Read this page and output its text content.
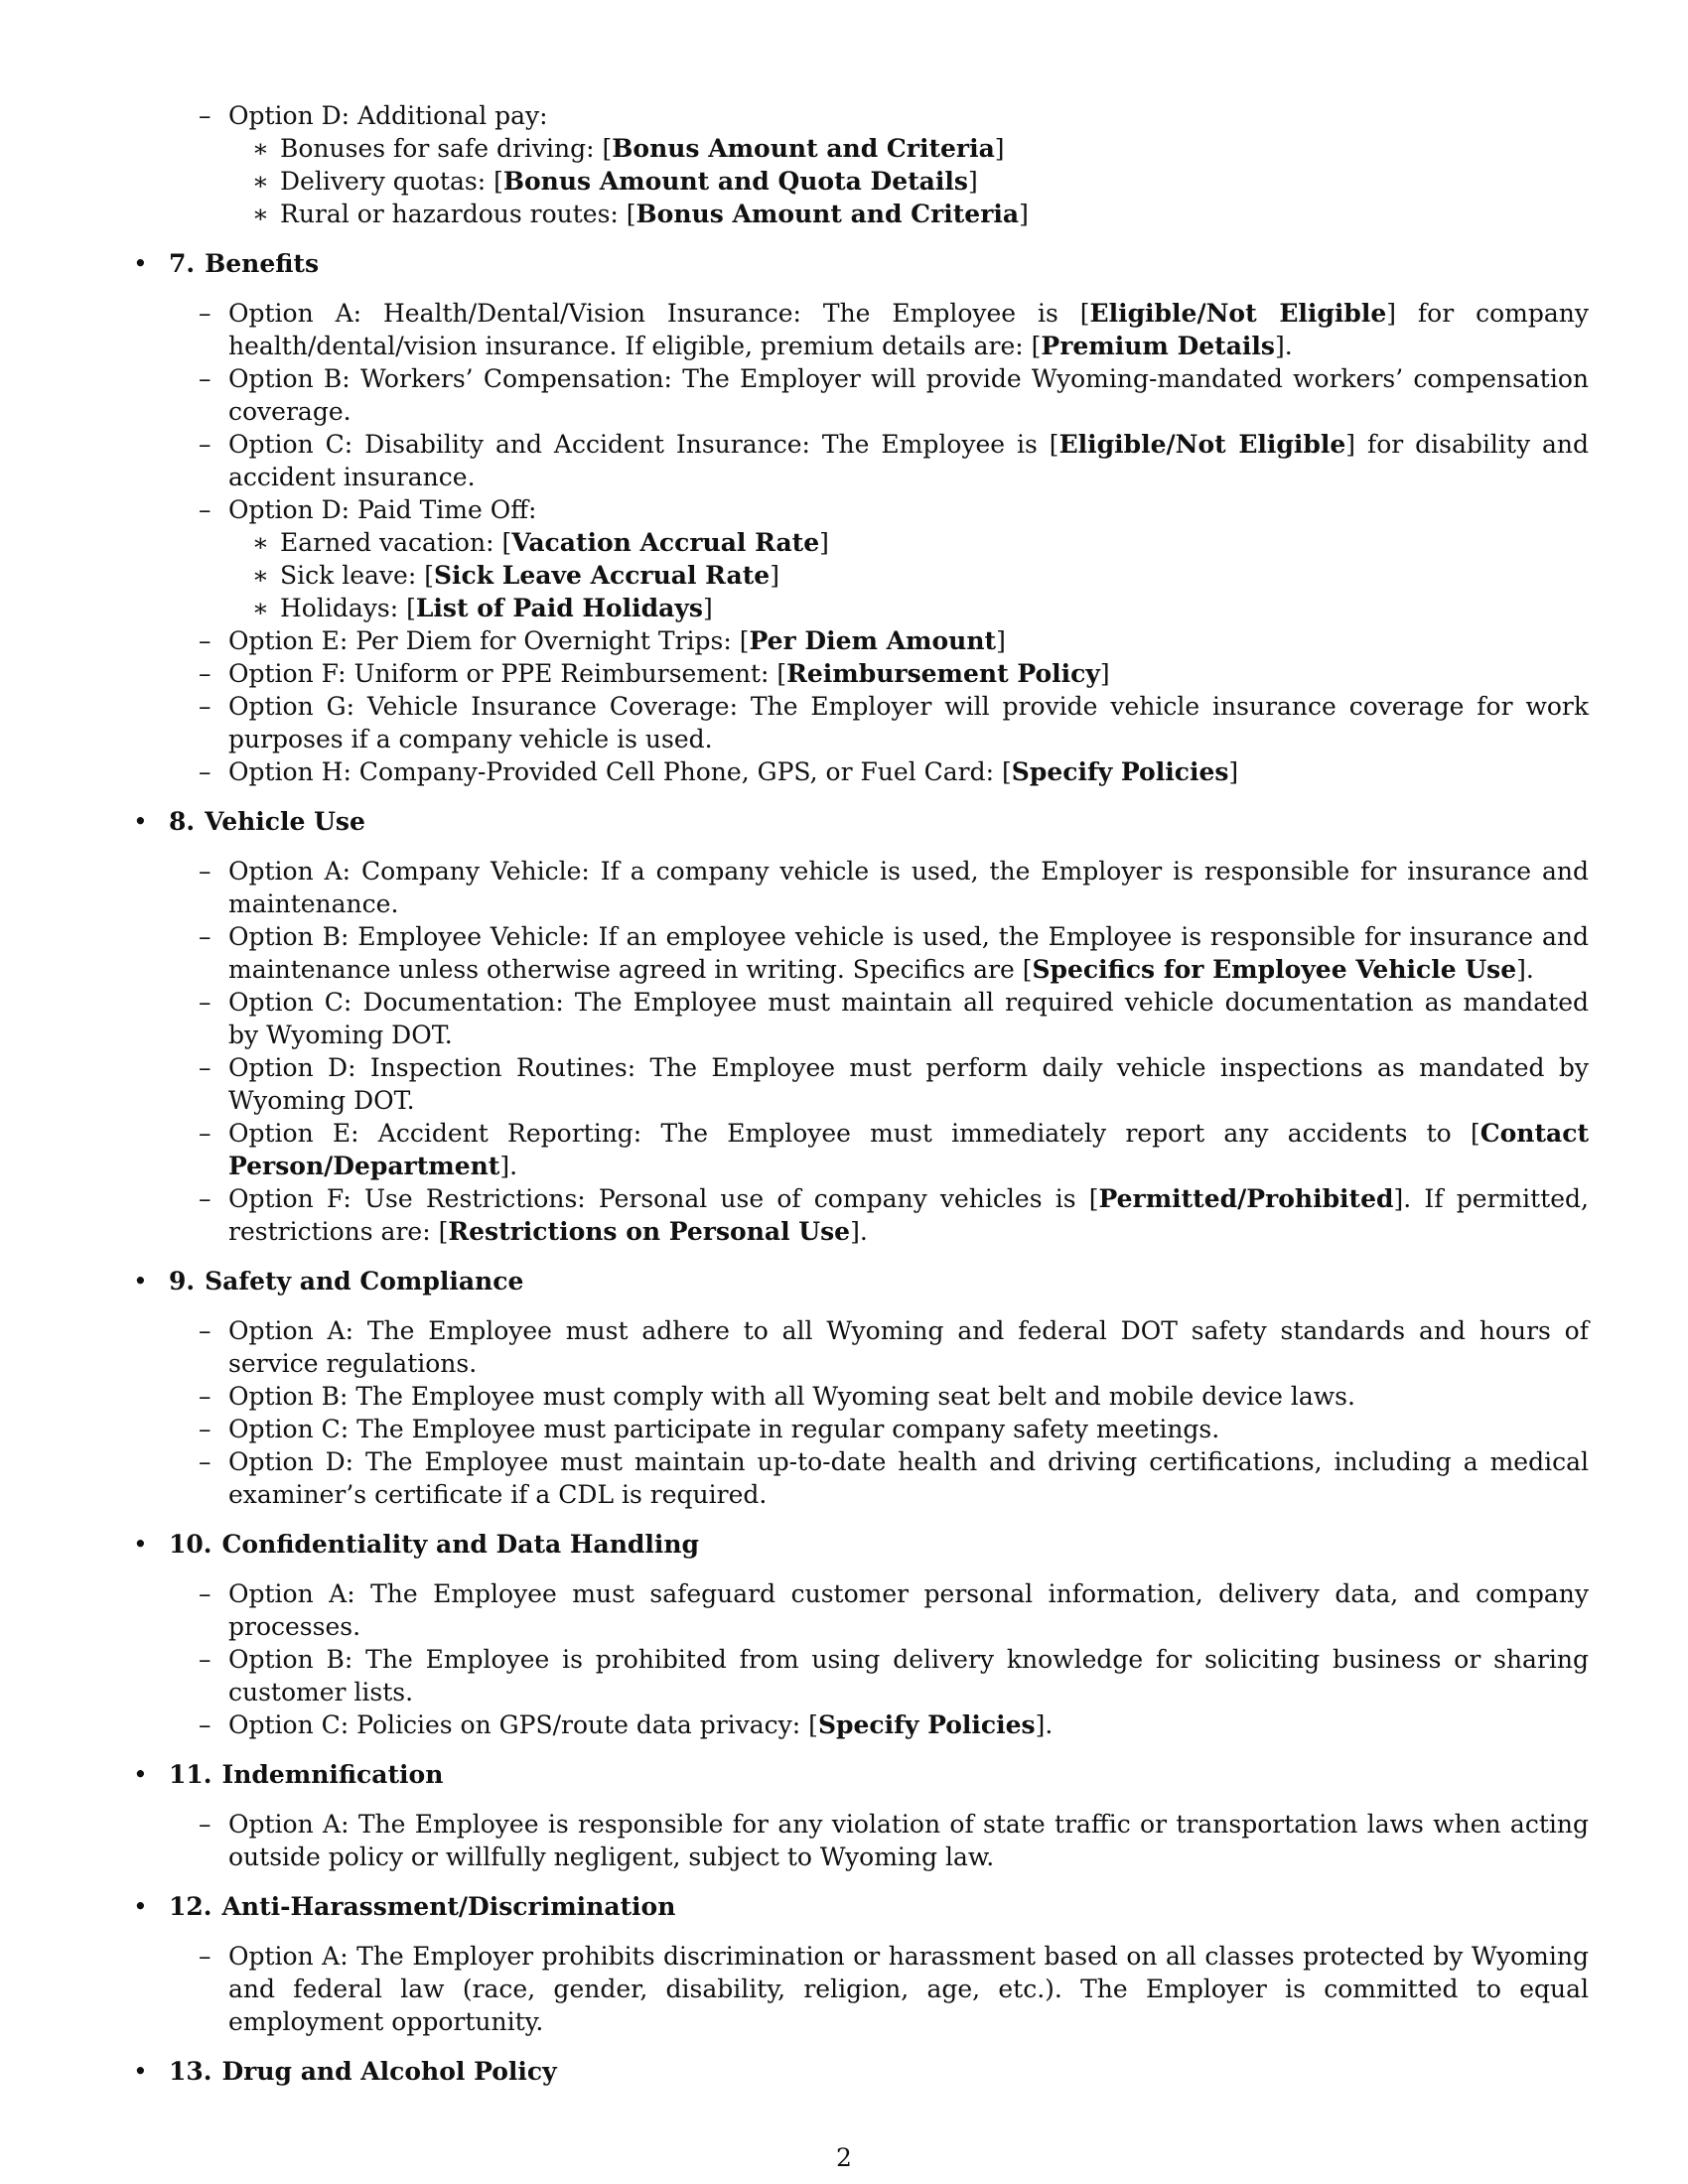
– Option D: Additional pay:
∗ Bonuses for safe driving: [Bonus Amount and Criteria]
∗ Delivery quotas: [Bonus Amount and Quota Details]
∗ Rural or hazardous routes: [Bonus Amount and Criteria]
• 7. Benefits
– Option A: Health/Dental/Vision Insurance: The Employee is [Eligible/Not Eligible] for company health/dental/vision insurance. If eligible, premium details are: [Premium Details].
– Option B: Workers’ Compensation: The Employer will provide Wyoming-mandated workers’ compensation coverage.
– Option C: Disability and Accident Insurance: The Employee is [Eligible/Not Eligible] for disability and accident insurance.
– Option D: Paid Time Off:
∗ Earned vacation: [Vacation Accrual Rate]
∗ Sick leave: [Sick Leave Accrual Rate]
∗ Holidays: [List of Paid Holidays]
– Option E: Per Diem for Overnight Trips: [Per Diem Amount]
– Option F: Uniform or PPE Reimbursement: [Reimbursement Policy]
– Option G: Vehicle Insurance Coverage: The Employer will provide vehicle insurance coverage for work purposes if a company vehicle is used.
– Option H: Company-Provided Cell Phone, GPS, or Fuel Card: [Specify Policies]
• 8. Vehicle Use
– Option A: Company Vehicle: If a company vehicle is used, the Employer is responsible for insurance and maintenance.
– Option B: Employee Vehicle: If an employee vehicle is used, the Employee is responsible for insurance and maintenance unless otherwise agreed in writing. Specifics are [Specifics for Employee Vehicle Use].
– Option C: Documentation: The Employee must maintain all required vehicle documentation as mandated by Wyoming DOT.
– Option D: Inspection Routines: The Employee must perform daily vehicle inspections as mandated by Wyoming DOT.
– Option E: Accident Reporting: The Employee must immediately report any accidents to [Contact Person/Department].
– Option F: Use Restrictions: Personal use of company vehicles is [Permitted/Prohibited]. If permitted, restrictions are: [Restrictions on Personal Use].
• 9. Safety and Compliance
– Option A: The Employee must adhere to all Wyoming and federal DOT safety standards and hours of service regulations.
– Option B: The Employee must comply with all Wyoming seat belt and mobile device laws.
– Option C: The Employee must participate in regular company safety meetings.
– Option D: The Employee must maintain up-to-date health and driving certifications, including a medical examiner’s certificate if a CDL is required.
• 10. Confidentiality and Data Handling
– Option A: The Employee must safeguard customer personal information, delivery data, and company processes.
– Option B: The Employee is prohibited from using delivery knowledge for soliciting business or sharing customer lists.
– Option C: Policies on GPS/route data privacy: [Specify Policies].
• 11. Indemnification
– Option A: The Employee is responsible for any violation of state traffic or transportation laws when acting outside policy or willfully negligent, subject to Wyoming law.
• 12. Anti-Harassment/Discrimination
– Option A: The Employer prohibits discrimination or harassment based on all classes protected by Wyoming and federal law (race, gender, disability, religion, age, etc.). The Employer is committed to equal employment opportunity.
• 13. Drug and Alcohol Policy
2
